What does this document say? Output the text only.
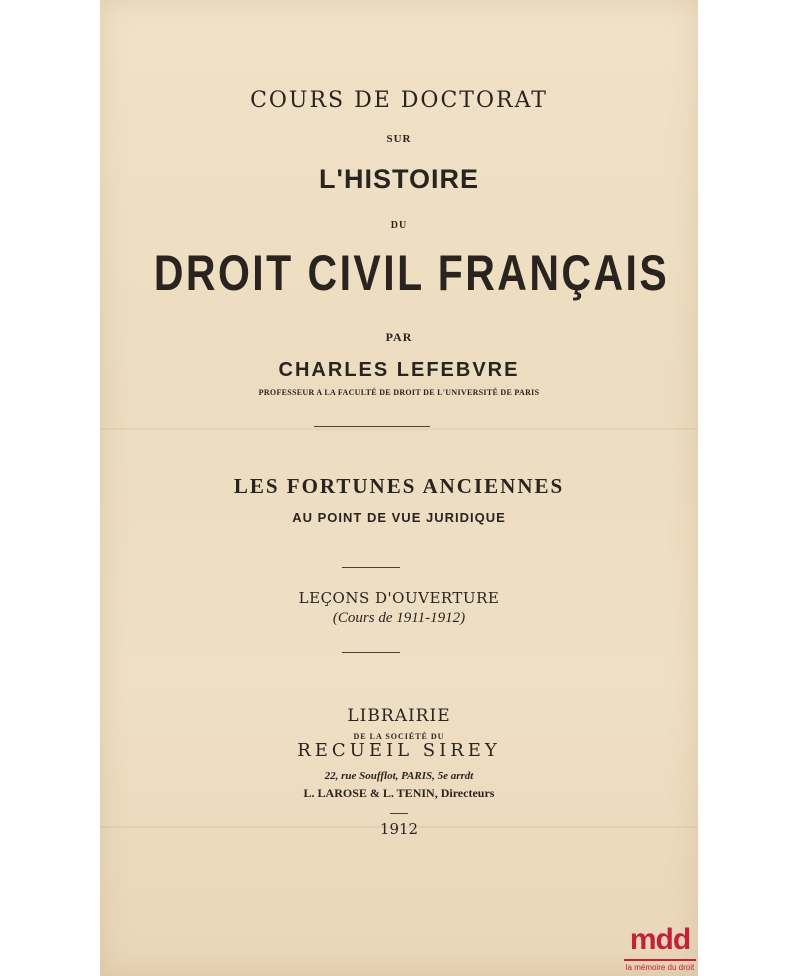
COURS DE DOCTORAT
SUR
L'HISTOIRE
DU
DROIT CIVIL FRANÇAIS
PAR
CHARLES LEFEBVRE
PROFESSEUR A LA FACULTÉ DE DROIT DE L'UNIVERSITÉ DE PARIS
LES FORTUNES ANCIENNES
AU POINT DE VUE JURIDIQUE
LEÇONS D'OUVERTURE
(Cours de 1911-1912)
LIBRAIRIE
DE LA SOCIÉTÉ DU
RECUEIL SIREY
22, rue Soufflot, PARIS, 5e arrdt
L. LAROSE & L. TENIN, Directeurs
1912
mdd
la mémoire du droit
